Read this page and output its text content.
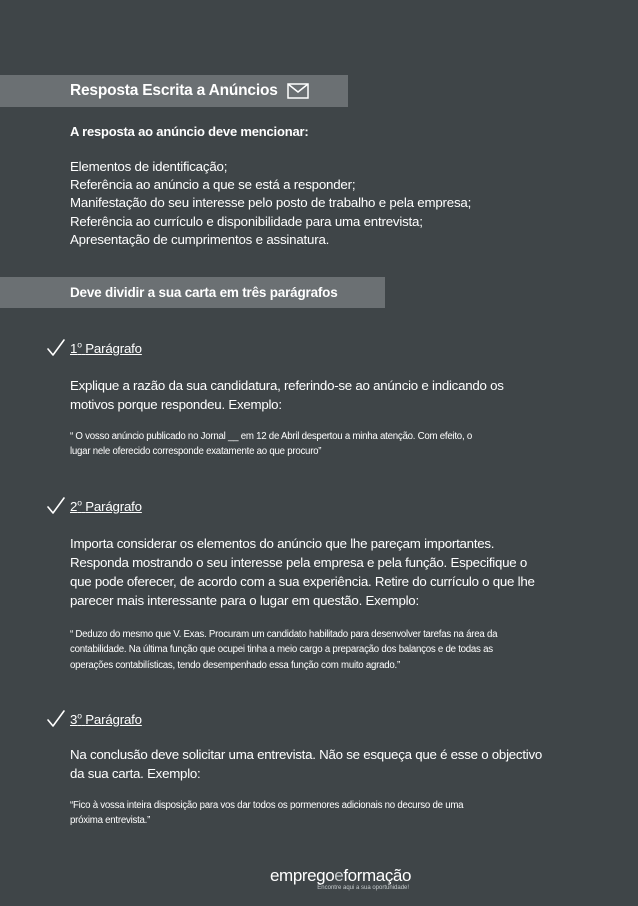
Resposta Escrita a Anúncios
A resposta ao anúncio deve mencionar:
Elementos de identificação;
Referência ao anúncio a que se está a responder;
Manifestação do seu interesse pelo posto de trabalho e pela empresa;
Referência ao currículo e disponibilidade para uma entrevista;
Apresentação de cumprimentos e assinatura.
Deve dividir a sua carta em três parágrafos
1$^o$ Parágrafo
Explique a razão da sua candidatura, referindo-se ao anúncio e indicando os
motivos porque respondeu. Exemplo:
“ O vosso anúncio publicado no Jornal __ em 12 de Abril despertou a minha atenção. Com efeito, o
lugar nele oferecido corresponde exatamente ao que procuro”
2$^o$ Parágrafo
Importa considerar os elementos do anúncio que lhe pareçam importantes.
Responda mostrando o seu interesse pela empresa e pela função. Especifique o
que pode oferecer, de acordo com a sua experiência. Retire do currículo o que lhe
parecer mais interessante para o lugar em questão. Exemplo:
“ Deduzo do mesmo que V. Exas. Procuram um candidato habilitado para desenvolver tarefas na área da
contabilidade. Na última função que ocupei tinha a meio cargo a preparação dos balanços e de todas as
operações contabilísticas, tendo desempenhado essa função com muito agrado.”
3$^o$ Parágrafo
Na conclusão deve solicitar uma entrevista. Não se esqueça que é esse o objectivo
da sua carta. Exemplo:
“Fico à vossa inteira disposição para vos dar todos os pormenores adicionais no decurso de uma
próxima entrevista.”
empregoeformação
Encontre aqui a sua oportunidade!
